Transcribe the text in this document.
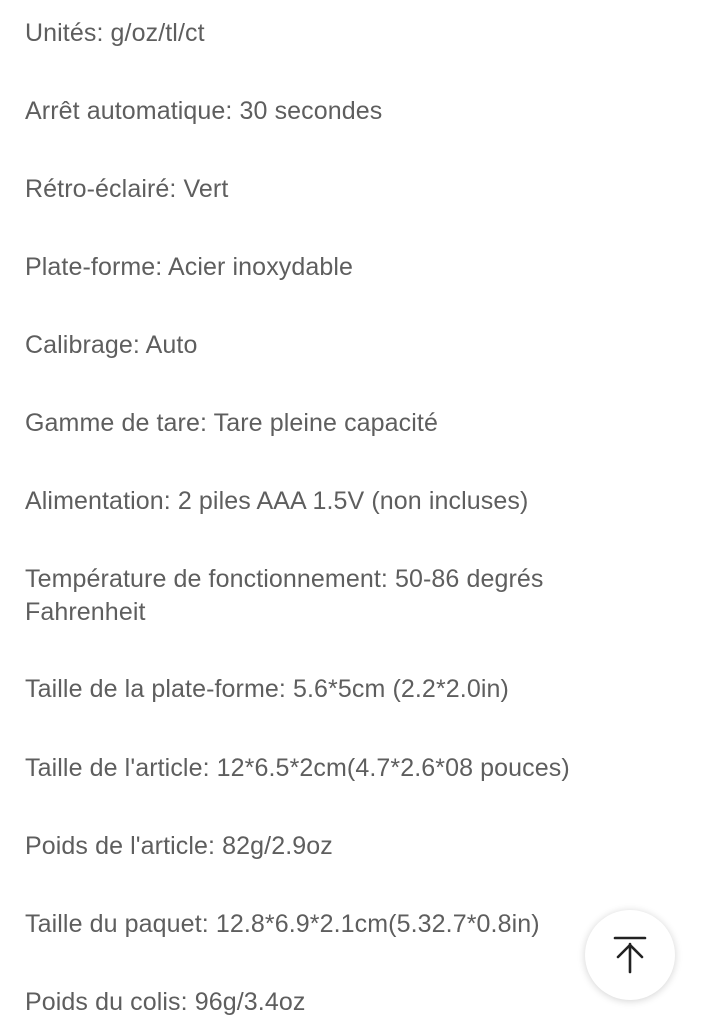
Unités: g/oz/tl/ct
Arrêt automatique: 30 secondes
Rétro-éclairé: Vert
Plate-forme: Acier inoxydable
Calibrage: Auto
Gamme de tare: Tare pleine capacité
Alimentation: 2 piles AAA 1.5V (non incluses)
Température de fonctionnement: 50-86 degrés Fahrenheit
Taille de la plate-forme: 5.6*5cm (2.2*2.0in)
Taille de l'article: 12*6.5*2cm(4.7*2.6*08 pouces)
Poids de l'article: 82g/2.9oz
Taille du paquet: 12.8*6.9*2.1cm(5.32.7*0.8in)
Poids du colis: 96g/3.4oz
